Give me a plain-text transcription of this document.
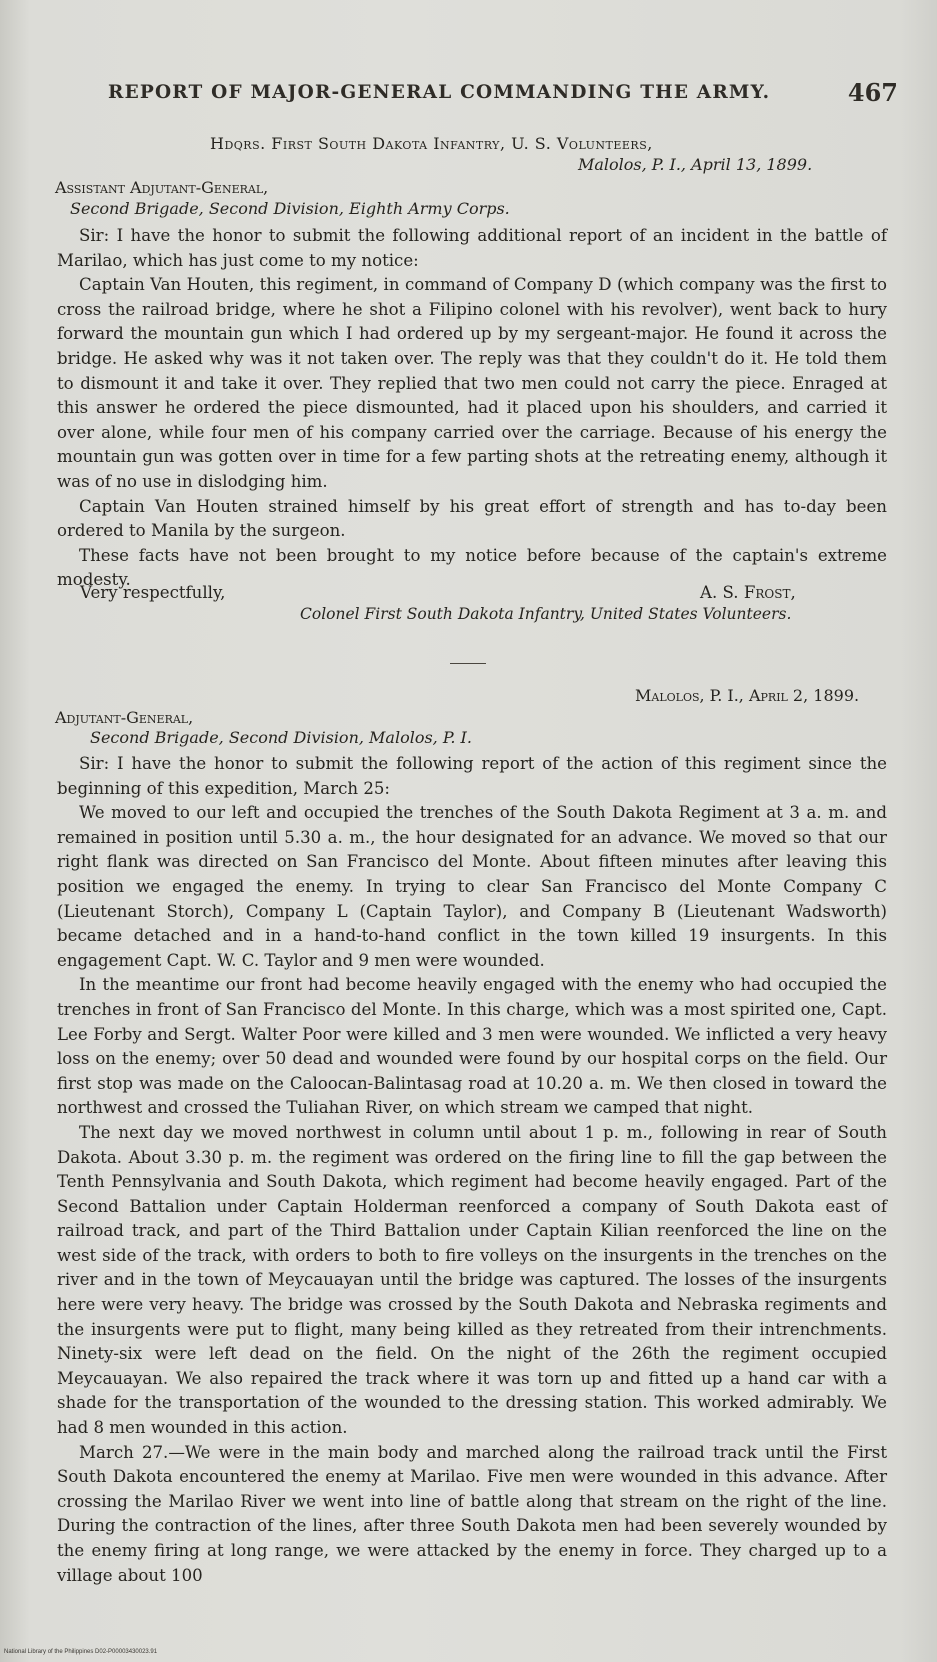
REPORT OF MAJOR-GENERAL COMMANDING THE ARMY.	467
Hdqrs. First South Dakota Infantry, U. S. Volunteers,
Malolos, P. I., April 13, 1899.
Assistant Adjutant-General,
Second Brigade, Second Division, Eighth Army Corps.

Sir: I have the honor to submit the following additional report of an incident in the battle of Marilao, which has just come to my notice:

Captain Van Houten, this regiment, in command of Company D (which company was the first to cross the railroad bridge, where he shot a Filipino colonel with his revolver), went back to hury forward the mountain gun which I had ordered up by my sergeant-major. He found it across the bridge. He asked why was it not taken over. The reply was that they couldn't do it. He told them to dismount it and take it over. They replied that two men could not carry the piece. Enraged at this answer he ordered the piece dismounted, had it placed upon his shoulders, and carried it over alone, while four men of his company carried over the carriage. Because of his energy the mountain gun was gotten over in time for a few parting shots at the retreating enemy, although it was of no use in dislodging him.

Captain Van Houten strained himself by his great effort of strength and has to-day been ordered to Manila by the surgeon.

These facts have not been brought to my notice before because of the captain's extreme modesty.

Very respectfully,	A. S. Frost,
Colonel First South Dakota Infantry, United States Volunteers.
Malolos, P. I., April 2, 1899.
Adjutant-General,
Second Brigade, Second Division, Malolos, P. I.

Sir: I have the honor to submit the following report of the action of this regiment since the beginning of this expedition, March 25:

We moved to our left and occupied the trenches of the South Dakota Regiment at 3 a. m. and remained in position until 5.30 a. m., the hour designated for an advance. We moved so that our right flank was directed on San Francisco del Monte. About fifteen minutes after leaving this position we engaged the enemy. In trying to clear San Francisco del Monte Company C (Lieutenant Storch), Company L (Captain Taylor), and Company B (Lieutenant Wadsworth) became detached and in a hand-to-hand conflict in the town killed 19 insurgents. In this engagement Capt. W. C. Taylor and 9 men were wounded.

In the meantime our front had become heavily engaged with the enemy who had occupied the trenches in front of San Francisco del Monte. In this charge, which was a most spirited one, Capt. Lee Forby and Sergt. Walter Poor were killed and 3 men were wounded. We inflicted a very heavy loss on the enemy; over 50 dead and wounded were found by our hospital corps on the field. Our first stop was made on the Caloocan-Balintasag road at 10.20 a. m. We then closed in toward the northwest and crossed the Tuliahan River, on which stream we camped that night.

The next day we moved northwest in column until about 1 p. m., following in rear of South Dakota. About 3.30 p. m. the regiment was ordered on the firing line to fill the gap between the Tenth Pennsylvania and South Dakota, which regiment had become heavily engaged. Part of the Second Battalion under Captain Holderman reenforced a company of South Dakota east of railroad track, and part of the Third Battalion under Captain Kilian reenforced the line on the west side of the track, with orders to both to fire volleys on the insurgents in the trenches on the river and in the town of Meycauayan until the bridge was captured. The losses of the insurgents here were very heavy. The bridge was crossed by the South Dakota and Nebraska regiments and the insurgents were put to flight, many being killed as they retreated from their intrenchments. Ninety-six were left dead on the field. On the night of the 26th the regiment occupied Meycauayan. We also repaired the track where it was torn up and fitted up a hand car with a shade for the transportation of the wounded to the dressing station. This worked admirably. We had 8 men wounded in this action.

March 27.—We were in the main body and marched along the railroad track until the First South Dakota encountered the enemy at Marilao. Five men were wounded in this advance. After crossing the Marilao River we went into line of battle along that stream on the right of the line. During the contraction of the lines, after three South Dakota men had been severely wounded by the enemy firing at long range, we were attacked by the enemy in force. They charged up to a village about 100

National Library of the Philippines D02-P00003430023.91
